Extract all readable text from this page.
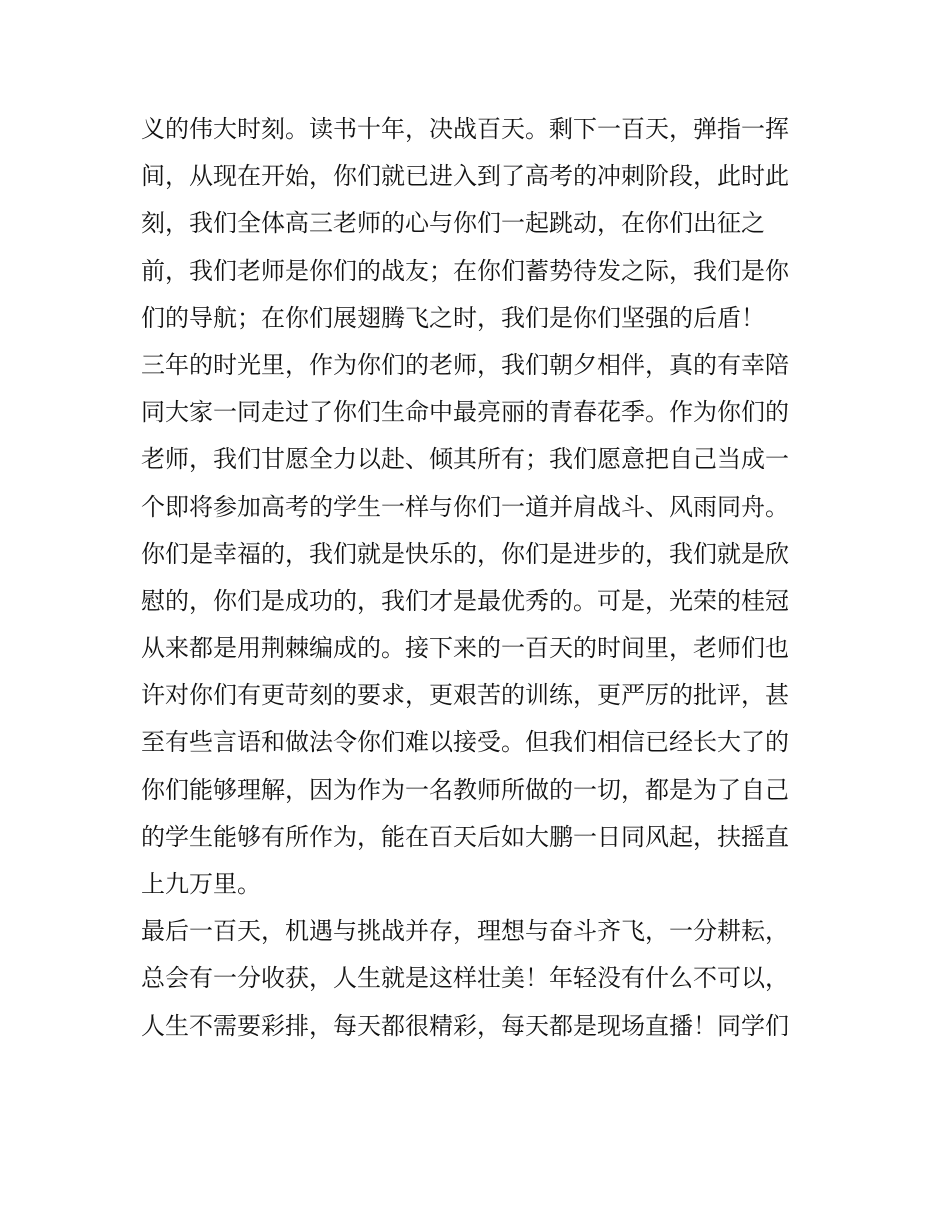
义的伟大时刻。读书十年，决战百天。剩下一百天，弹指一挥
间，从现在开始，你们就已进入到了高考的冲刺阶段，此时此
刻，我们全体高三老师的心与你们一起跳动，在你们出征之
前，我们老师是你们的战友；在你们蓄势待发之际，我们是你
们的导航；在你们展翅腾飞之时，我们是你们坚强的后盾！
三年的时光里，作为你们的老师，我们朝夕相伴，真的有幸陪
同大家一同走过了你们生命中最亮丽的青春花季。作为你们的
老师，我们甘愿全力以赴、倾其所有；我们愿意把自己当成一
个即将参加高考的学生一样与你们一道并肩战斗、风雨同舟。
你们是幸福的，我们就是快乐的，你们是进步的，我们就是欣
慰的，你们是成功的，我们才是最优秀的。可是，光荣的桂冠
从来都是用荆棘编成的。接下来的一百天的时间里，老师们也
许对你们有更苛刻的要求，更艰苦的训练，更严厉的批评，甚
至有些言语和做法令你们难以接受。但我们相信已经长大了的
你们能够理解，因为作为一名教师所做的一切，都是为了自己
的学生能够有所作为，能在百天后如大鹏一日同风起，扶摇直
上九万里。
最后一百天，机遇与挑战并存，理想与奋斗齐飞，一分耕耘，
总会有一分收获，人生就是这样壮美！年轻没有什么不可以，
人生不需要彩排，每天都很精彩，每天都是现场直播！同学们
